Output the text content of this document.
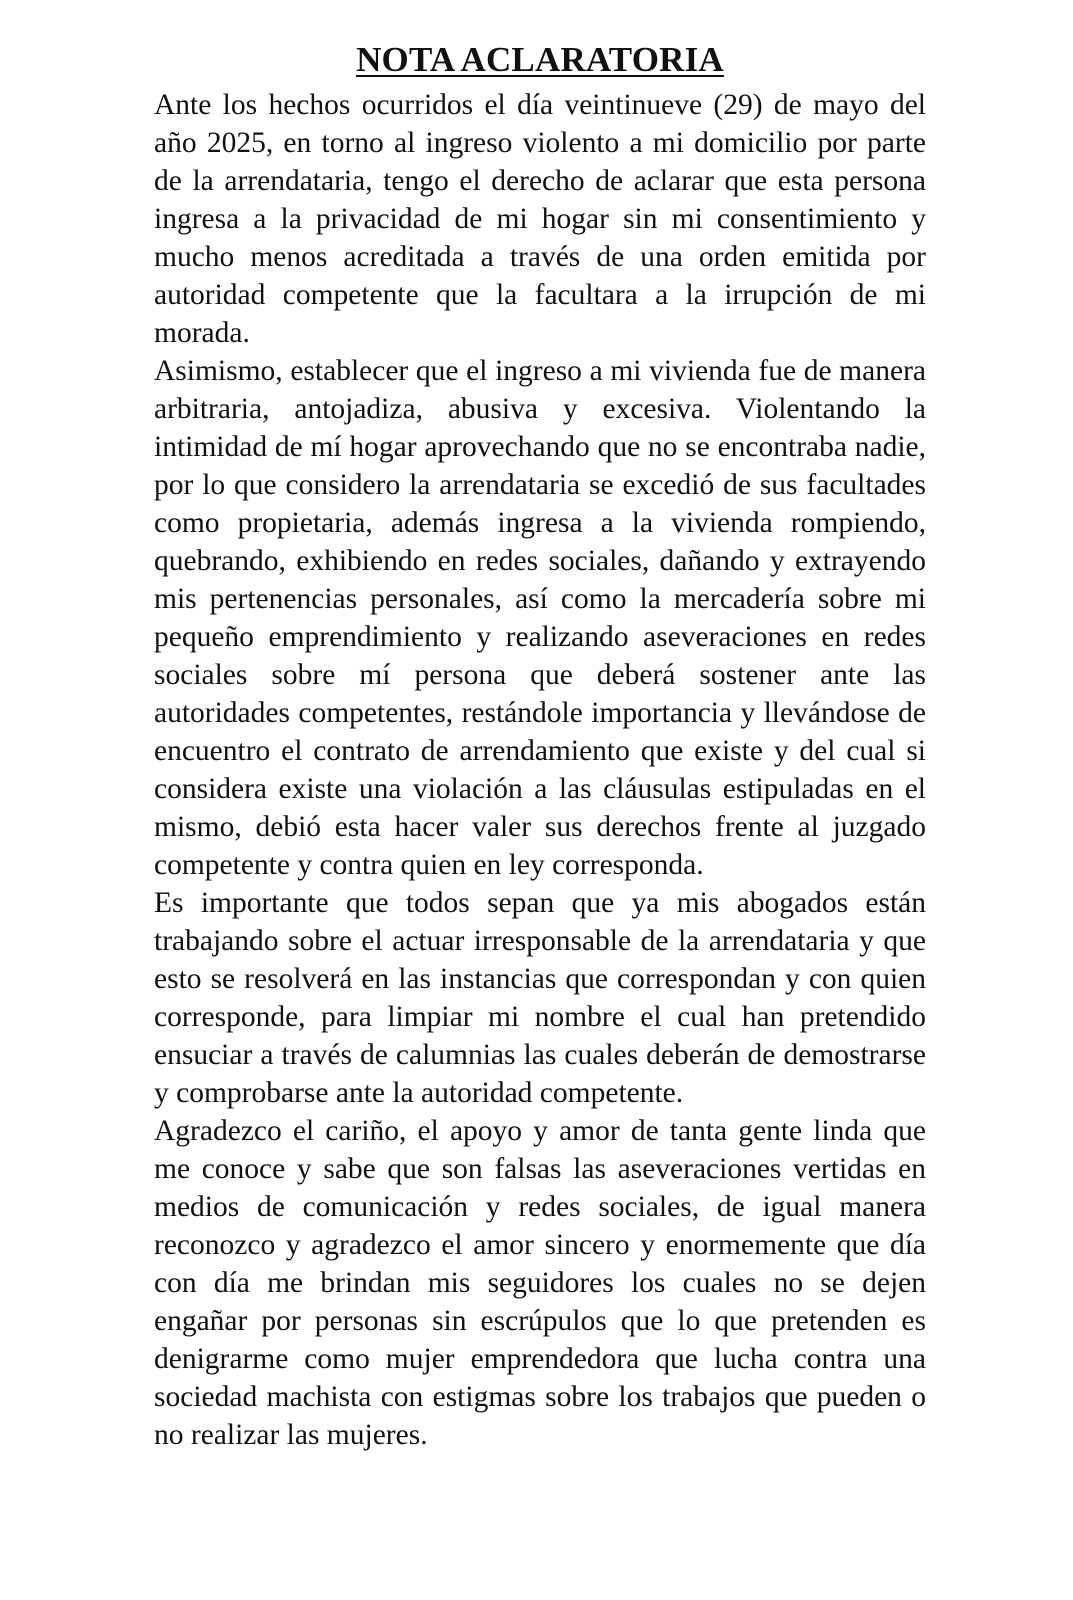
NOTA ACLARATORIA

Ante los hechos ocurridos el día veintinueve (29) de mayo del año 2025, en torno al ingreso violento a mi domicilio por parte de la arrendataria, tengo el derecho de aclarar que esta persona ingresa a la privacidad de mi hogar sin mi consentimiento y mucho menos acreditada a través de una orden emitida por autoridad competente que la facultara a la irrupción de mi morada.

Asimismo, establecer que el ingreso a mi vivienda fue de manera arbitraria, antojadiza, abusiva y excesiva. Violentando la intimidad de mí hogar aprovechando que no se encontraba nadie, por lo que considero la arrendataria se excedió de sus facultades como propietaria, además ingresa a la vivienda rompiendo, quebrando, exhibiendo en redes sociales, dañando y extrayendo mis pertenencias personales, así como la mercadería sobre mi pequeño emprendimiento y realizando aseveraciones en redes sociales sobre mí persona que deberá sostener ante las autoridades competentes, restándole importancia y llevándose de encuentro el contrato de arrendamiento que existe y del cual si considera existe una violación a las cláusulas estipuladas en el mismo, debió esta hacer valer sus derechos frente al juzgado competente y contra quien en ley corresponda.

Es importante que todos sepan que ya mis abogados están trabajando sobre el actuar irresponsable de la arrendataria y que esto se resolverá en las instancias que correspondan y con quien corresponde, para limpiar mi nombre el cual han pretendido ensuciar a través de calumnias las cuales deberán de demostrarse y comprobarse ante la autoridad competente.

Agradezco el cariño, el apoyo y amor de tanta gente linda que me conoce y sabe que son falsas las aseveraciones vertidas en medios de comunicación y redes sociales, de igual manera reconozco y agradezco el amor sincero y enormemente que día con día me brindan mis seguidores los cuales no se dejen engañar por personas sin escrúpulos que lo que pretenden es denigrarme como mujer emprendedora que lucha contra una sociedad machista con estigmas sobre los trabajos que pueden o no realizar las mujeres.
